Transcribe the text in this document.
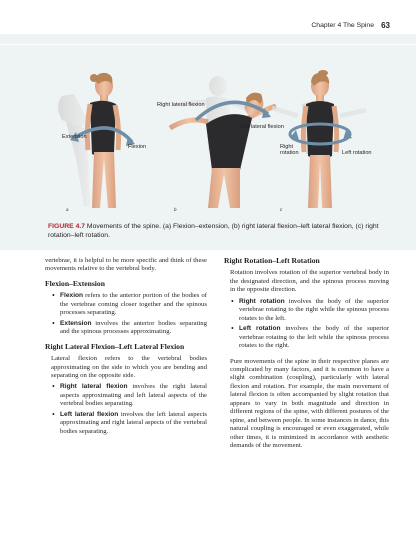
Chapter 4 The Spine 63
Right lateral flexion
Extension
Flexion
Left lateral flexion
Right
rotation	Left rotation
a	b	c
FIGURE 4.7 Movements of the spine. (a) Flexion–extension, (b) right lateral flexion–left lateral flexion, (c) right rotation–left rotation.

vertebrae, it is helpful to be more specific and think of these movements relative to the vertebral body.

Flexion–Extension
• Flexion refers to the anterior portion of the bodies of the vertebrae coming closer together and the spinous processes separating.
• Extension involves the anterior bodies separating and the spinous processes approximating.
Right Lateral Flexion–Left Lateral Flexion

Lateral flexion refers to the vertebral bodies approximating on the side to which you are bending and separating on the opposite side.

• Right lateral flexion involves the right lateral aspects approximating and left lateral aspects of the vertebral bodies separating.
• Left lateral flexion involves the left lateral aspects approximating and right lateral aspects of the vertebral bodies separating.
Right Rotation–Left Rotation

Rotation involves rotation of the superior vertebral body in the designated direction, and the spinous process moving in the opposite direction.

• Right rotation involves the body of the superior vertebrae rotating to the right while the spinous process rotates to the left.
• Left rotation involves the body of the superior vertebrae rotating to the left while the spinous process rotates to the right.

Pure movements of the spine in their respective planes are complicated by many factors, and it is common to have a slight combination (coupling), particularly with lateral flexion and rotation. For example, the main movement of lateral flexion is often accompanied by slight rotation that appears to vary in both magnitude and direction in different regions of the spine, with different postures of the spine, and between people. In some instances in dance, this natural coupling is encouraged or even exaggerated, while other times, it is minimized in accordance with aesthetic demands of the movement.
